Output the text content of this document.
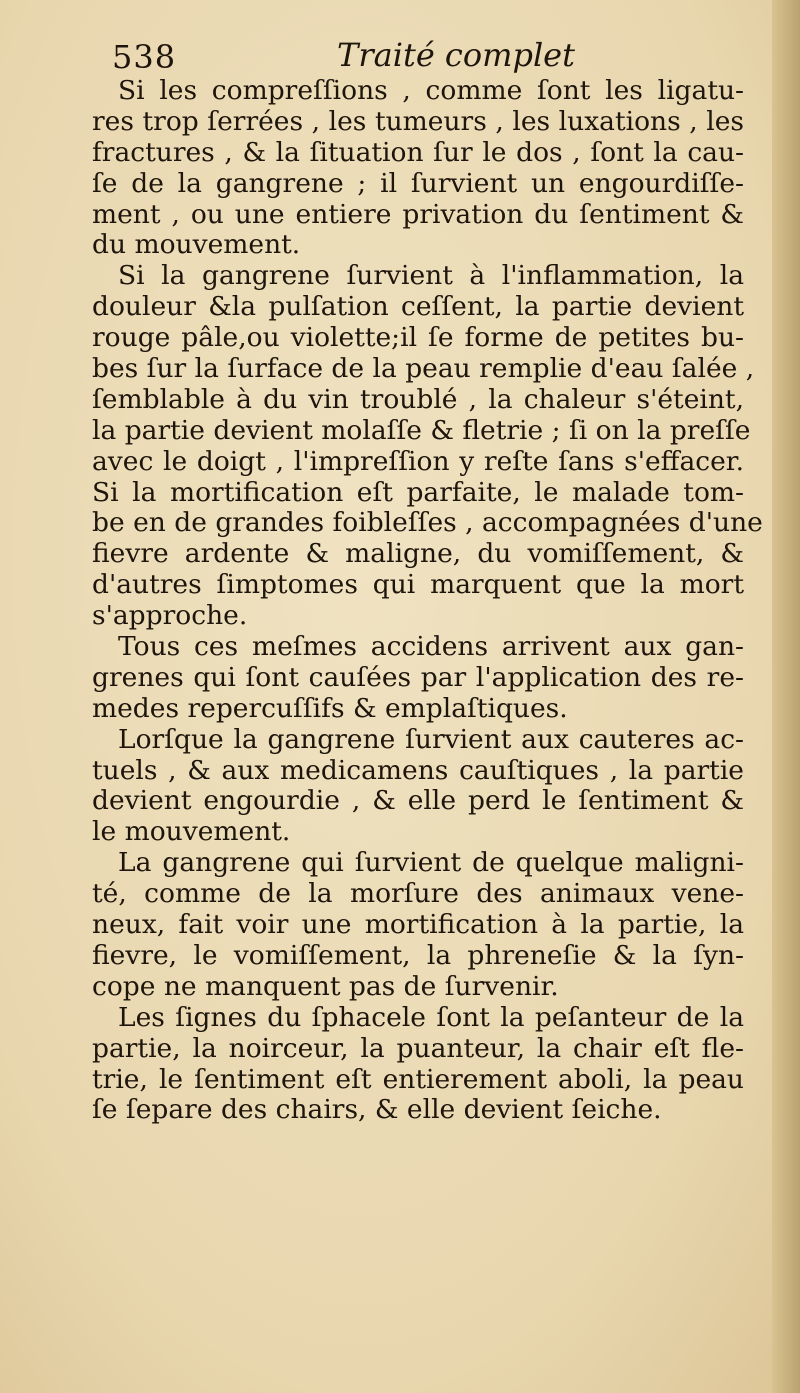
538	Traité complet
Si les compreſſions , comme ſont les ligatu-
res trop ſerrées , les tumeurs , les luxations , les
fractures , & la ſituation ſur le dos , ſont la cau-
ſe de la gangrene ; il ſurvient un engourdiſſe-
ment , ou une entiere privation du ſentiment &
du mouvement.
Si la gangrene ſurvient à l'inflammation, la
douleur &la pulſation ceſſent, la partie devient
rouge pâle,ou violette;il ſe forme de petites bu-
bes ſur la ſurface de la peau remplie d'eau ſalée ,
ſemblable à du vin troublé , la chaleur s'éteint,
la partie devient molaſſe & fletrie ; ſi on la preſſe
avec le doigt , l'impreſſion y reſte ſans s'effacer.
Si la mortification eſt parfaite, le malade tom-
be en de grandes foibleſſes , accompagnées d'une
fievre ardente & maligne, du vomiſſement, &
d'autres ſimptomes qui marquent que la mort
s'approche.
Tous ces meſmes accidens arrivent aux gan-
grenes qui ſont cauſées par l'application des re-
medes repercuſſifs & emplaſtiques.
Lorſque la gangrene ſurvient aux cauteres ac-
tuels , & aux medicamens cauſtiques , la partie
devient engourdie , & elle perd le ſentiment &
le mouvement.
La gangrene qui ſurvient de quelque maligni-
té, comme de la morſure des animaux vene-
neux, fait voir une mortification à la partie, la
fievre, le vomiſſement, la phreneſie & la ſyn-
cope ne manquent pas de ſurvenir.
Les ſignes du ſphacele ſont la peſanteur de la
partie, la noirceur, la puanteur, la chair eſt fle-
trie, le ſentiment eſt entierement aboli, la peau
ſe ſepare des chairs, & elle devient ſeiche.
